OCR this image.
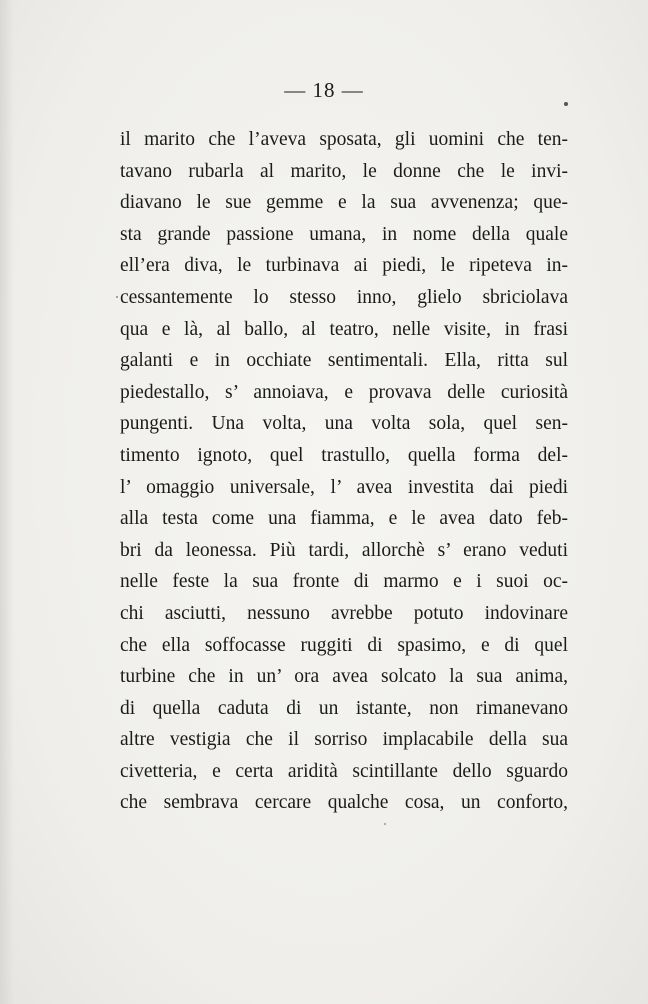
— 18 —
il marito che l’aveva sposata, gli uomini che ten-
tavano rubarla al marito, le donne che le invi-
diavano le sue gemme e la sua avvenenza; que-
sta grande passione umana, in nome della quale
ell’era diva, le turbinava ai piedi, le ripeteva in-
cessantemente lo stesso inno, glielo sbriciolava
qua e là, al ballo, al teatro, nelle visite, in frasi
galanti e in occhiate sentimentali. Ella, ritta sul
piedestallo, s’ annoiava, e provava delle curiosità
pungenti. Una volta, una volta sola, quel sen-
timento ignoto, quel trastullo, quella forma del-
l’ omaggio universale, l’ avea investita dai piedi
alla testa come una fiamma, e le avea dato feb-
bri da leonessa. Più tardi, allorchè s’ erano veduti
nelle feste la sua fronte di marmo e i suoi oc-
chi asciutti, nessuno avrebbe potuto indovinare
che ella soffocasse ruggiti di spasimo, e di quel
turbine che in un’ ora avea solcato la sua anima,
di quella caduta di un istante, non rimanevano
altre vestigia che il sorriso implacabile della sua
civetteria, e certa aridità scintillante dello sguardo
che sembrava cercare qualche cosa, un conforto,
